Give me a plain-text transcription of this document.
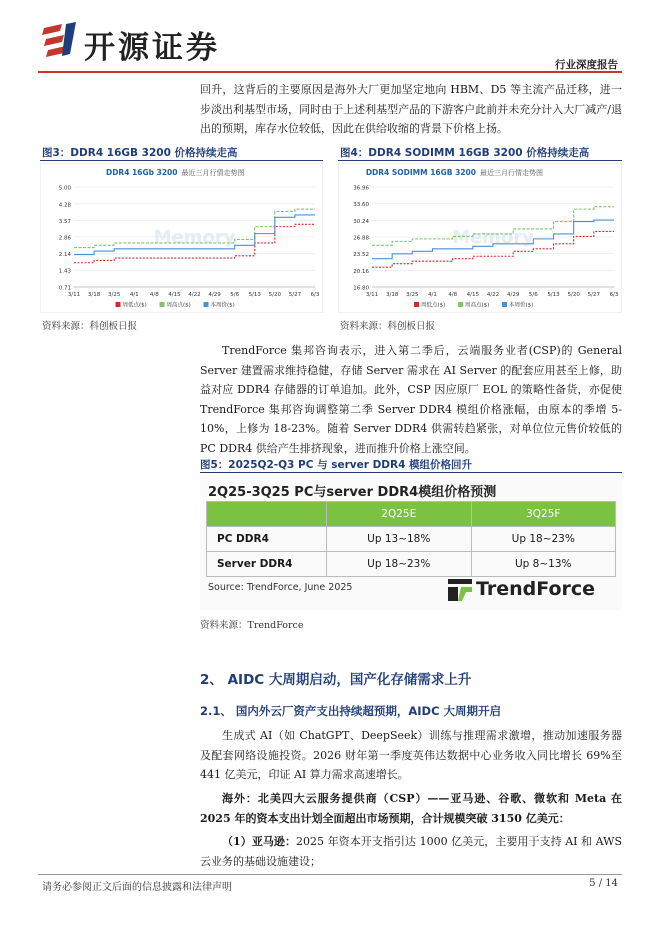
开源证券	行业深度报告
回升，这背后的主要原因是海外大厂更加坚定地向 HBM、D5 等主流产品迁移，进一步淡出利基型市场，同时由于上述利基型产品的下游客户此前并未充分计入大厂减产/退出的预期，库存水位较低，因此在供给收缩的背景下价格上扬。
图3：DDR4 16GB 3200 价格持续走高
DDR4 16Gb 3200 最近三月行情走势图
5.00
4.28
3.57
2.86
2.14
1.43
0.71
Memory
3/11 3/18 3/25 4/1 4/8 4/15 4/22 4/29 5/6 5/13 5/20 5/27 6/3
周低点($)	周高点($)	本周价($)
资料来源：科创板日报
图4：DDR4 SODIMM 16GB 3200 价格持续走高
DDR4 SODIMM 16GB 3200 最近三月行情走势图
36.96
33.60
30.24
26.88
23.52
20.16
16.80
Memory
3/11 3/18 3/25 4/1 4/8 4/15 4/22 4/29 5/6 5/13 5/20 5/27 6/3
周低点($)	周高点($)	本周价($)
资料来源：科创板日报
TrendForce 集邦咨询表示，进入第二季后，云端服务业者(CSP)的 General Server 建置需求维持稳健，存储 Server 需求在 AI Server 的配套应用甚至上修，助益对应 DDR4 存储器的订单追加。此外，CSP 因应原厂 EOL 的策略性备货，亦促使 TrendForce 集邦咨询调整第二季 Server DDR4 模组价格涨幅，由原本的季增 5-10%，上修为 18-23%。随着 Server DDR4 供需转趋紧张，对单位位元售价较低的 PC DDR4 供给产生排挤现象，进而推升价格上涨空间。
图5：2025Q2-Q3 PC 与 server DDR4 模组价格回升
2Q25-3Q25 PC与server DDR4模组价格预测
	2Q25E	3Q25F
PC DDR4	Up 13~18%	Up 18~23%
Server DDR4	Up 18~23%	Up 8~13%
Source: TrendForce, June 2025	TrendForce
资料来源：TrendForce
2、 AIDC 大周期启动，国产化存储需求上升
2.1、 国内外云厂资产支出持续超预期，AIDC 大周期开启
生成式 AI（如 ChatGPT、DeepSeek）训练与推理需求激增，推动加速服务器及配套网络设施投资。2026 财年第一季度英伟达数据中心业务收入同比增长 69%至 441 亿美元，印证 AI 算力需求高速增长。
海外：北美四大云服务提供商（CSP）——亚马逊、谷歌、微软和 Meta 在 2025 年的资本支出计划全面超出市场预期，合计规模突破 3150 亿美元：
（1）亚马逊：2025 年资本开支指引达 1000 亿美元，主要用于支持 AI 和 AWS 云业务的基础设施建设；
请务必参阅正文后面的信息披露和法律声明	5 / 14
